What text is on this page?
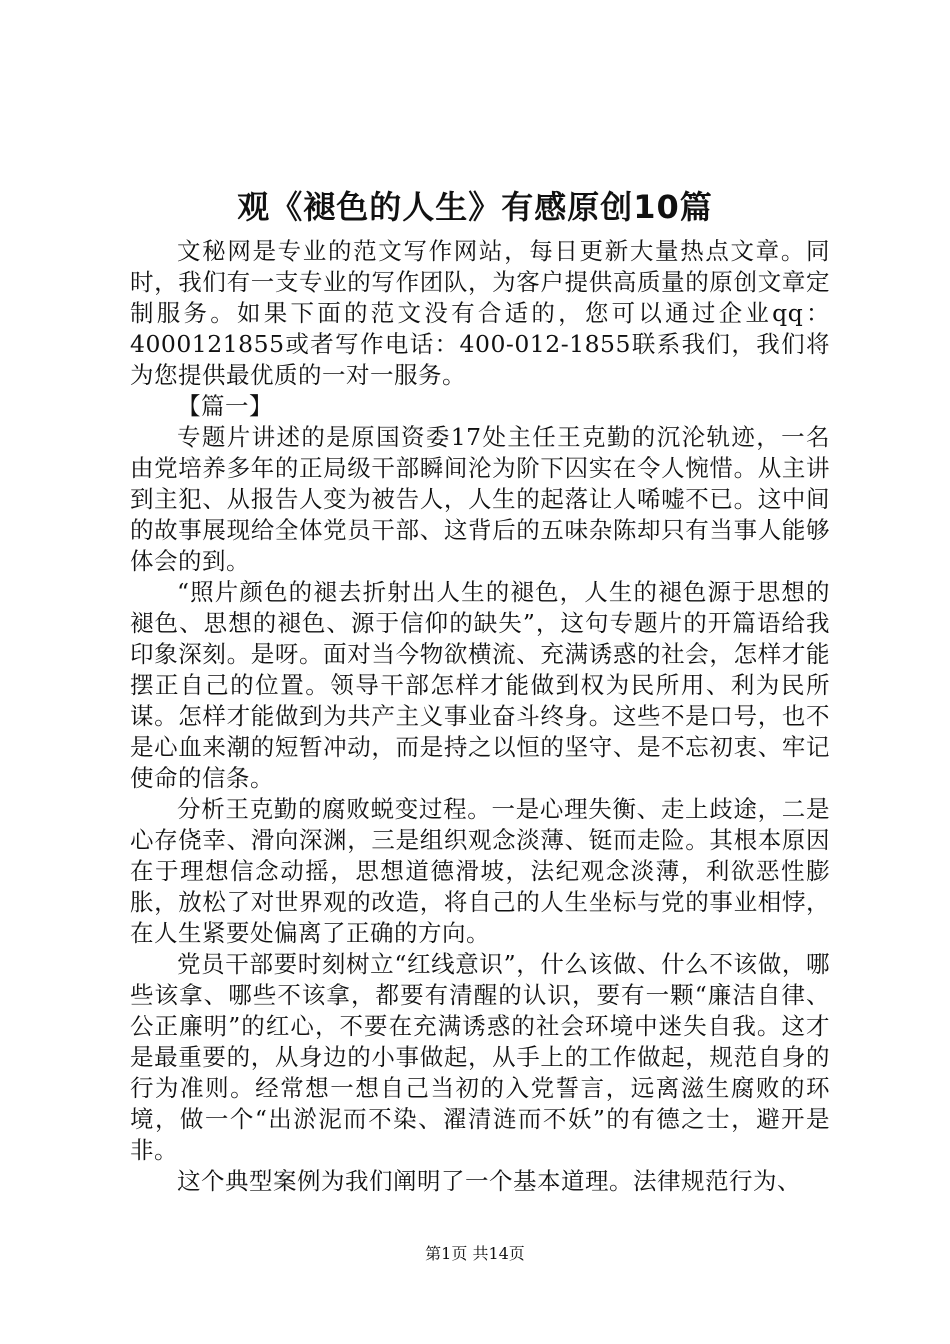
观《褪色的人生》有感原创10篇

文秘网是专业的范文写作网站，每日更新大量热点文章。同时，我们有一支专业的写作团队，为客户提供高质量的原创文章定制服务。如果下面的范文没有合适的，您可以通过企业qq：4000121855或者写作电话：400-012-1855联系我们，我们将为您提供最优质的一对一服务。

【篇一】

专题片讲述的是原国资委17处主任王克勤的沉沦轨迹，一名由党培养多年的正局级干部瞬间沦为阶下囚实在令人惋惜。从主讲到主犯、从报告人变为被告人，人生的起落让人唏嘘不已。这中间的故事展现给全体党员干部、这背后的五味杂陈却只有当事人能够体会的到。

“照片颜色的褪去折射出人生的褪色，人生的褪色源于思想的褪色、思想的褪色、源于信仰的缺失”，这句专题片的开篇语给我印象深刻。是呀。面对当今物欲横流、充满诱惑的社会，怎样才能摆正自己的位置。领导干部怎样才能做到权为民所用、利为民所谋。怎样才能做到为共产主义事业奋斗终身。这些不是口号，也不是心血来潮的短暂冲动，而是持之以恒的坚守、是不忘初衷、牢记使命的信条。

分析王克勤的腐败蜕变过程。一是心理失衡、走上歧途，二是心存侥幸、滑向深渊，三是组织观念淡薄、铤而走险。其根本原因在于理想信念动摇，思想道德滑坡，法纪观念淡薄，利欲恶性膨胀，放松了对世界观的改造，将自己的人生坐标与党的事业相悖，在人生紧要处偏离了正确的方向。

党员干部要时刻树立“红线意识”，什么该做、什么不该做，哪些该拿、哪些不该拿，都要有清醒的认识，要有一颗“廉洁自律、公正廉明”的红心，不要在充满诱惑的社会环境中迷失自我。这才是最重要的，从身边的小事做起，从手上的工作做起，规范自身的行为准则。经常想一想自己当初的入党誓言，远离滋生腐败的环境，做一个“出淤泥而不染、濯清涟而不妖”的有德之士，避开是非。

这个典型案例为我们阐明了一个基本道理。法律规范行为、

第1页 共14页
